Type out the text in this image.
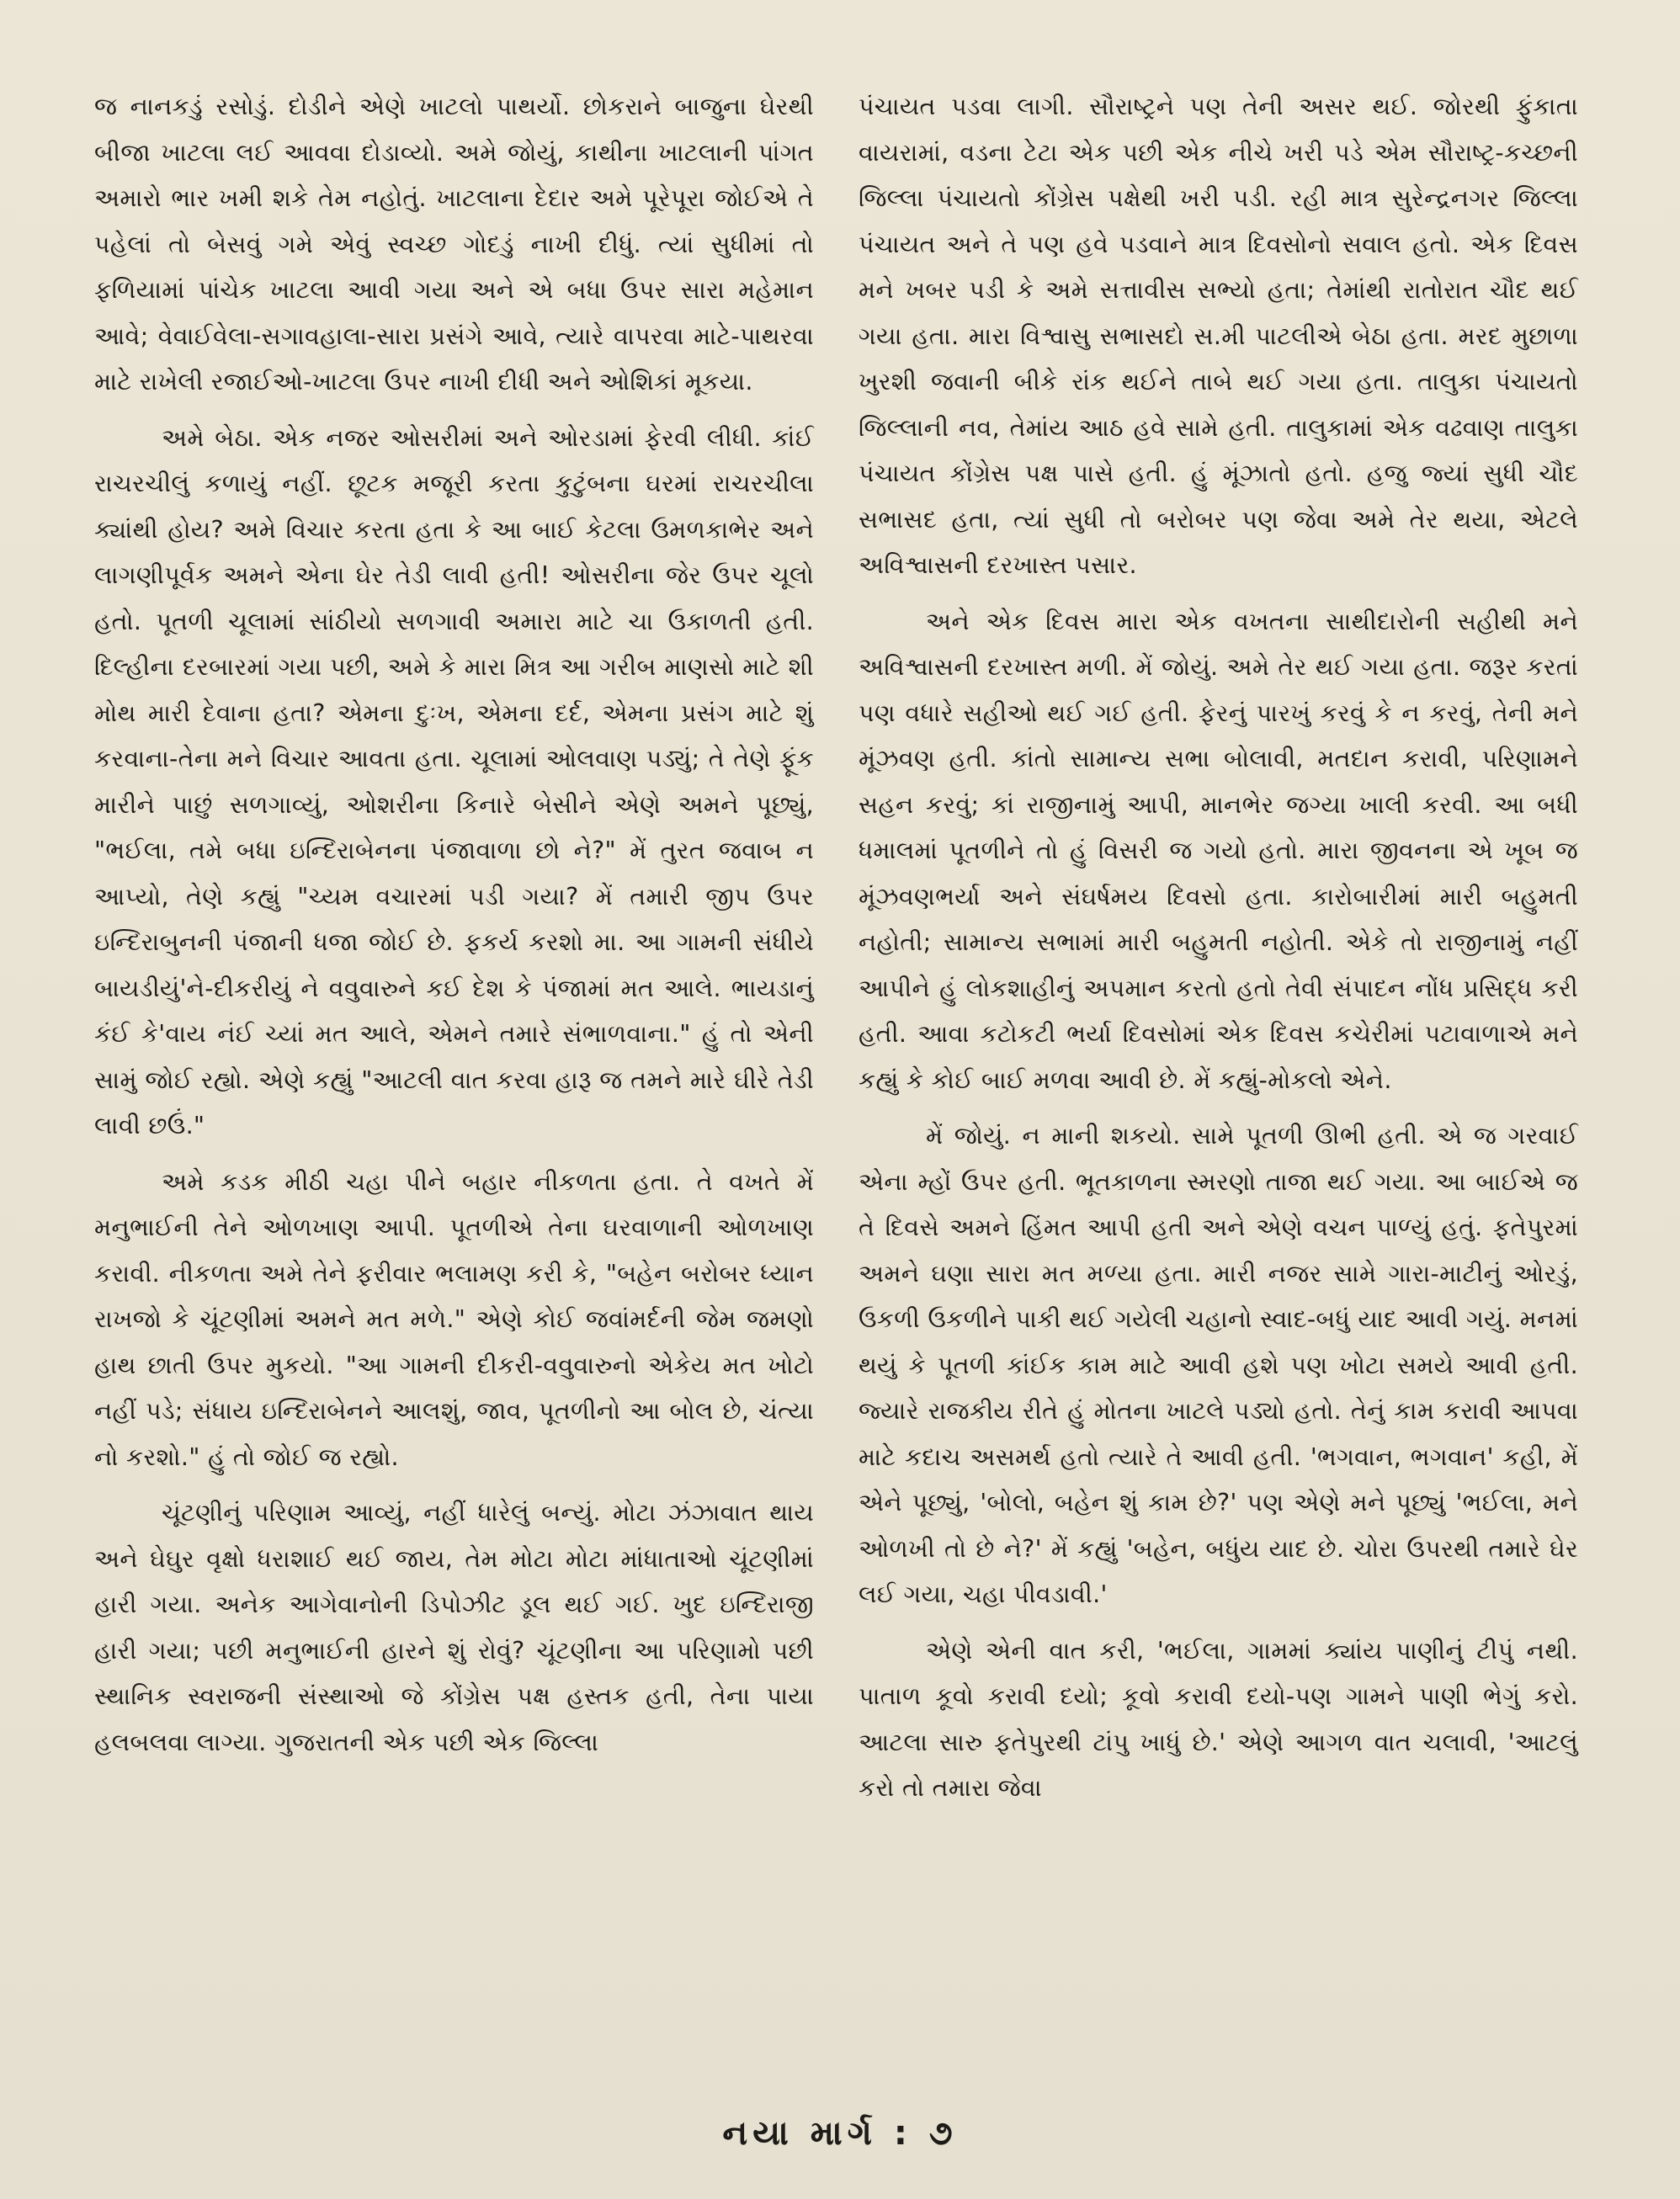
જ નાનકડું રસોડું. દોડીને એણે ખાટલો પાથર્યો. છોકરાને બાજુના ઘેરથી બીજા ખાટલા લઈ આવવા દોડાવ્યો. અમે જોયું, કાથીના ખાટલાની પાંગત અમારો ભાર ખમી શકે તેમ નહોતું. ખાટલાના દેદાર અમે પૂરેપૂરા જોઈએ તે પહેલાં તો બેસવું ગમે એવું સ્વચ્છ ગોદડું નાખી દીધું. ત્યાં સુધીમાં તો ફળિયામાં પાંચેક ખાટલા આવી ગયા અને એ બધા ઉપર સારા મહેમાન આવે; વેવાઈવેલા-સગાવહાલા-સારા પ્રસંગે આવે, ત્યારે વાપરવા માટે-પાથરવા માટે રાખેલી રજાઈઓ-ખાટલા ઉપર નાખી દીધી અને ઓશિકાં મૂકયા.

અમે બેઠા. એક નજર ઓસરીમાં અને ઓરડામાં ફેરવી લીધી. કાંઈ રાચરચીલું કળાયું નહીં. છૂટક મજૂરી કરતા કુટુંબના ઘરમાં રાચરચીલા ક્યાંથી હોય? અમે વિચાર કરતા હતા કે આ બાઈ કેટલા ઉમળકાભેર અને લાગણીપૂર્વક અમને એના ઘેર તેડી લાવી હતી! ઓસરીના જેર ઉપર ચૂલો હતો. પૂતળી ચૂલામાં સાંઠીયો સળગાવી અમારા માટે ચા ઉકાળતી હતી. દિલ્હીના દરબારમાં ગયા પછી, અમે કે મારા મિત્ર આ ગરીબ માણસો માટે શી મોથ મારી દેવાના હતા? એમના દુઃખ, એમના દર્દ, એમના પ્રસંગ માટે શું કરવાના-તેના મને વિચાર આવતા હતા. ચૂલામાં ઓલવાણ પડ્યું; તે તેણે ફૂંક મારીને પાછું સળગાવ્યું, ઓશરીના કિનારે બેસીને એણે અમને પૂછ્યું, "ભઈલા, તમે બધા ઇન્દિરાબેનના પંજાવાળા છો ને?" મેં તુરત જવાબ ન આપ્યો, તેણે કહ્યું "ચ્યમ વચારમાં પડી ગયા? મેં તમારી જીપ ઉપર ઇન્દિરાબુનની પંજાની ધજા જોઈ છે. ફકર્ય કરશો મા. આ ગામની સંધીયે બાયડીયું'ને-દીકરીયું ને વવુવારુને કઈ દેશ કે પંજામાં મત આલે. ભાયડાનું કંઈ કે'વાય નંઈ ચ્યાં મત આલે, એમને તમારે સંભાળવાના." હું તો એની સામું જોઈ રહ્યો. એણે કહ્યું "આટલી વાત કરવા હારૂ જ તમને મારે ઘીરે તેડી લાવી છઉં."

અમે કડક મીઠી ચહા પીને બહાર નીકળતા હતા. તે વખતે મેં મનુભાઈની તેને ઓળખાણ આપી. પૂતળીએ તેના ઘરવાળાની ઓળખાણ કરાવી. નીકળતા અમે તેને ફરીવાર ભલામણ કરી કે, "બહેન બરોબર ધ્યાન રાખજો કે ચૂંટણીમાં અમને મત મળે." એણે કોઈ જવાંમર્દની જેમ જમણો હાથ છાતી ઉપર મુકયો. "આ ગામની દીકરી-વવુવારુનો એકેય મત ખોટો નહીં પડે; સંધાય ઇન્દિરાબેનને આલશું, જાવ, પૂતળીનો આ બોલ છે, ચંત્યા નો કરશો." હું તો જોઈ જ રહ્યો.

ચૂંટણીનું પરિણામ આવ્યું, નહીં ધારેલું બન્યું. મોટા ઝંઝાવાત થાય અને ઘેઘુર વૃક્ષો ધરાશાઈ થઈ જાય, તેમ મોટા મોટા માંધાતાઓ ચૂંટણીમાં હારી ગયા. અનેક આગેવાનોની ડિપોઝીટ ડૂલ થઈ ગઈ. ખુદ ઇન્દિરાજી હારી ગયા; પછી મનુભાઈની હારને શું રોવું? ચૂંટણીના આ પરિણામો પછી સ્થાનિક સ્વરાજની સંસ્થાઓ જે કોંગ્રેસ પક્ષ હસ્તક હતી, તેના પાયા હલબલવા લાગ્યા. ગુજરાતની એક પછી એક જિલ્લા

પંચાયત પડવા લાગી. સૌરાષ્ટ્રને પણ તેની અસર થઈ. જોરથી ફુંકાતા વાયરામાં, વડના ટેટા એક પછી એક નીચે ખરી પડે એમ સૌરાષ્ટ્ર-કચ્છની જિલ્લા પંચાયતો કોંગ્રેસ પક્ષેથી ખરી પડી. રહી માત્ર સુરેન્દ્રનગર જિલ્લા પંચાયત અને તે પણ હવે પડવાને માત્ર દિવસોનો સવાલ હતો. એક દિવસ મને ખબર પડી કે અમે સત્તાવીસ સભ્યો હતા; તેમાંથી રાતોરાત ચૌદ થઈ ગયા હતા. મારા વિશ્વાસુ સભાસદો સ.મી પાટલીએ બેઠા હતા. મરદ મુછાળા ખુરશી જવાની બીકે રાંક થઈને તાબે થઈ ગયા હતા. તાલુકા પંચાયતો જિલ્લાની નવ, તેમાંય આઠ હવે સામે હતી. તાલુકામાં એક વઢવાણ તાલુકા પંચાયત કોંગ્રેસ પક્ષ પાસે હતી. હું મૂંઝાતો હતો. હજુ જ્યાં સુધી ચૌદ સભાસદ હતા, ત્યાં સુધી તો બરોબર પણ જેવા અમે તેર થયા, એટલે અવિશ્વાસની દરખાસ્ત પસાર.

અને એક દિવસ મારા એક વખતના સાથીદારોની સહીથી મને અવિશ્વાસની દરખાસ્ત મળી. મેં જોયું. અમે તેર થઈ ગયા હતા. જરૂર કરતાં પણ વધારે સહીઓ થઈ ગઈ હતી. ફેરનું પારખું કરવું કે ન કરવું, તેની મને મૂંઝવણ હતી. કાંતો સામાન્ય સભા બોલાવી, મતદાન કરાવી, પરિણામને સહન કરવું; કાં રાજીનામું આપી, માનભેર જગ્યા ખાલી કરવી. આ બધી ધમાલમાં પૂતળીને તો હું વિસરી જ ગયો હતો. મારા જીવનના એ ખૂબ જ મૂંઝવણભર્યા અને સંઘર્ષમય દિવસો હતા. કારોબારીમાં મારી બહુમતી નહોતી; સામાન્ય સભામાં મારી બહુમતી નહોતી. એકે તો રાજીનામું નહીં આપીને હું લોકશાહીનું અપમાન કરતો હતો તેવી સંપાદન નોંધ પ્રસિદ્ધ કરી હતી. આવા કટોકટી ભર્યા દિવસોમાં એક દિવસ કચેરીમાં પટાવાળાએ મને કહ્યું કે કોઈ બાઈ મળવા આવી છે. મેં કહ્યું-મોકલો એને.

મેં જોયું. ન માની શકયો. સામે પૂતળી ઊભી હતી. એ જ ગરવાઈ એના મ્હોં ઉપર હતી. ભૂતકાળના સ્મરણો તાજા થઈ ગયા. આ બાઈએ જ તે દિવસે અમને હિંમત આપી હતી અને એણે વચન પાળ્યું હતું. ફતેપુરમાં અમને ઘણા સારા મત મળ્યા હતા. મારી નજર સામે ગારા-માટીનું ઓરડું, ઉકળી ઉકળીને પાકી થઈ ગયેલી ચહાનો સ્વાદ-બધું યાદ આવી ગયું. મનમાં થયું કે પૂતળી કાંઈક કામ માટે આવી હશે પણ ખોટા સમયે આવી હતી. જ્યારે રાજકીય રીતે હું મોતના ખાટલે પડ્યો હતો. તેનું કામ કરાવી આપવા માટે કદાચ અસમર્થ હતો ત્યારે તે આવી હતી. 'ભગવાન, ભગવાન' કહી, મેં એને પૂછ્યું, 'બોલો, બહેન શું કામ છે?' પણ એણે મને પૂછ્યું 'ભઈલા, મને ઓળખી તો છે ને?' મેં કહ્યું 'બહેન, બધુંય યાદ છે. ચોરા ઉપરથી તમારે ઘેર લઈ ગયા, ચહા પીવડાવી.'

એણે એની વાત કરી, 'ભઈલા, ગામમાં ક્યાંય પાણીનું ટીપું નથી. પાતાળ કૂવો કરાવી દયો; કૂવો કરાવી દયો-પણ ગામને પાણી ભેગું કરો. આટલા સારુ ફતેપુરથી ટાંપુ ખાધું છે.' એણે આગળ વાત ચલાવી, 'આટલું કરો તો તમારા જેવા

નયા માર્ગ : ૭
